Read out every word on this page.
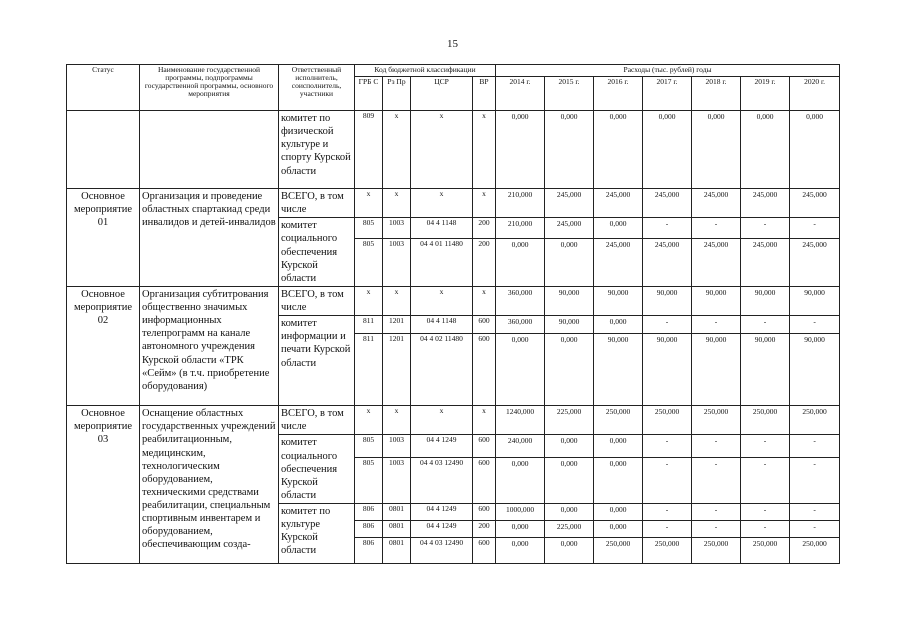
15
Статус	Наименование государственной программы, подпрограммы государственной программы, основного мероприятия	Ответственный исполнитель, соисполнитель, участники	Код бюджетной классификации				Расходы (тыс. рублей) годы						
			ГРБ С	Рз Пр	ЦСР	ВР	2014 г.	2015 г.	2016 г.	2017 г.	2018 г.	2019 г.	2020 г.
		комитет по физической культуре и спорту Курской области	809	х	х	х	0,000	0,000	0,000	0,000	0,000	0,000	0,000
Основное мероприятие 01	Организация и проведение областных спартакиад среди инвалидов и детей-инвалидов	ВСЕГО, в том числе	х	х	х	х	210,000	245,000	245,000	245,000	245,000	245,000	245,000
		комитет социального обеспечения Курской области	805	1003	04 4 1148	200	210,000	245,000	0,000	-	-	-	-
			805	1003	04 4 01 11480	200	0,000	0,000	245,000	245,000	245,000	245,000	245,000
Основное мероприятие 02	Организация субтитрования общественно значимых информационных телепрограмм на канале автономного учреждения Курской области «ТРК «Сейм» (в т.ч. приобретение оборудования)	ВСЕГО, в том числе	х	х	х	х	360,000	90,000	90,000	90,000	90,000	90,000	90,000
		комитет информации и печати Курской области	811	1201	04 4 1148	600	360,000	90,000	0,000	-	-	-	-
			811	1201	04 4 02 11480	600	0,000	0,000	90,000	90,000	90,000	90,000	90,000
Основное мероприятие 03	Оснащение областных государственных учреждений реабилитационным, медицинским, технологическим оборудованием, техническими средствами реабилитации, специальным спортивным инвентарем и оборудованием, обеспечивающим созда-	ВСЕГО, в том числе	х	х	х	х	1240,000	225,000	250,000	250,000	250,000	250,000	250,000
		комитет социального обеспечения Курской области	805	1003	04 4 1249	600	240,000	0,000	0,000	-	-	-	-
			805	1003	04 4 03 12490	600	0,000	0,000	0,000	-	-	-	-
		комитет по культуре Курской области	806	0801	04 4 1249	600	1000,000	0,000	0,000	-	-	-	-
			806	0801	04 4 1249	200	0,000	225,000	0,000	-	-	-	-
			806	0801	04 4 03 12490	600	0,000	0,000	250,000	250,000	250,000	250,000	250,000
